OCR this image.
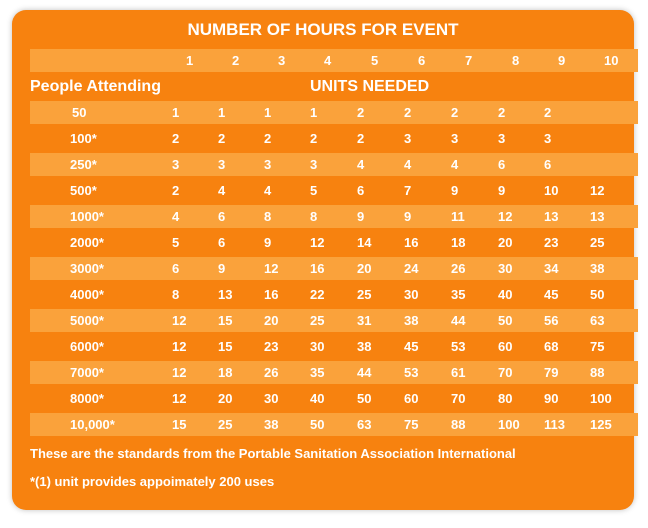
NUMBER OF HOURS FOR EVENT
1	2	3	4	5	6	7	8	9	10
People Attending	UNITS NEEDED
50	1	1	1	1	2	2	2	2	2
100*	2	2	2	2	2	3	3	3	3
250*	3	3	3	3	4	4	4	6	6
500*	2	4	4	5	6	7	9	9	10 12
1000*	4	6	8	8	9	9	11	12 13 13
2000*	5	6	9	12	14	16	18	20 23 25
3000*	6	9	12 16	20	24	26	30 34 38
4000*	8	13 16 22	25	30	35	40 45 50
5000*	12 15 20 25	31	38	44	50 56 63
6000*	12 15 23 30	38	45	53	60 68 75
7000*	12 18 26 35	44	53	61	70 79 88
8000*	12 20 30 40	50	60	70	80 90 100
10,000*	15 25 38 50	63	75	88	100 113 125
These are the standards from the Portable Sanitation Association International
*(1) unit provides appoimately 200 uses
